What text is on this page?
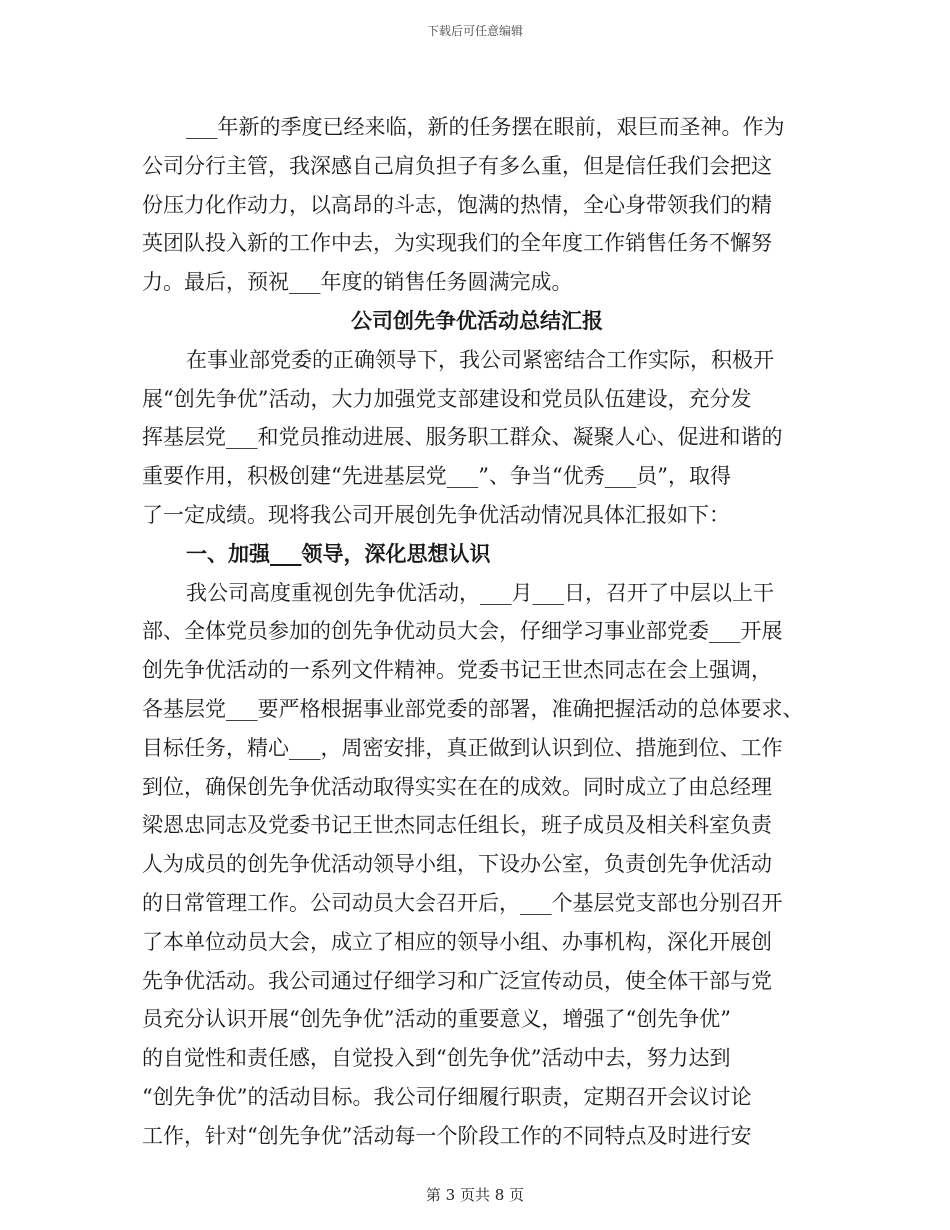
下载后可任意编辑
___年新的季度已经来临，新的任务摆在眼前，艰巨而圣神。作为
公司分行主管，我深感自己肩负担子有多么重，但是信任我们会把这
份压力化作动力，以高昂的斗志，饱满的热情，全心身带领我们的精
英团队投入新的工作中去，为实现我们的全年度工作销售任务不懈努
力。最后，预祝___年度的销售任务圆满完成。
公司创先争优活动总结汇报
在事业部党委的正确领导下，我公司紧密结合工作实际，积极开
展“创先争优”活动，大力加强党支部建设和党员队伍建设，充分发
挥基层党___和党员推动进展、服务职工群众、凝聚人心、促进和谐的
重要作用，积极创建“先进基层党___”、争当“优秀___员”，取得
了一定成绩。现将我公司开展创先争优活动情况具体汇报如下：
一、加强___领导，深化思想认识
我公司高度重视创先争优活动，___月___日，召开了中层以上干
部、全体党员参加的创先争优动员大会，仔细学习事业部党委___开展
创先争优活动的一系列文件精神。党委书记王世杰同志在会上强调，
各基层党___要严格根据事业部党委的部署，准确把握活动的总体要求、
目标任务，精心___，周密安排，真正做到认识到位、措施到位、工作
到位，确保创先争优活动取得实实在在的成效。同时成立了由总经理
梁恩忠同志及党委书记王世杰同志任组长，班子成员及相关科室负责
人为成员的创先争优活动领导小组，下设办公室，负责创先争优活动
的日常管理工作。公司动员大会召开后，___个基层党支部也分别召开
了本单位动员大会，成立了相应的领导小组、办事机构，深化开展创
先争优活动。我公司通过仔细学习和广泛宣传动员，使全体干部与党
员充分认识开展“创先争优”活动的重要意义，增强了“创先争优”
的自觉性和责任感，自觉投入到“创先争优”活动中去，努力达到
“创先争优”的活动目标。我公司仔细履行职责，定期召开会议讨论
工作，针对“创先争优”活动每一个阶段工作的不同特点及时进行安
第 3 页共 8 页
